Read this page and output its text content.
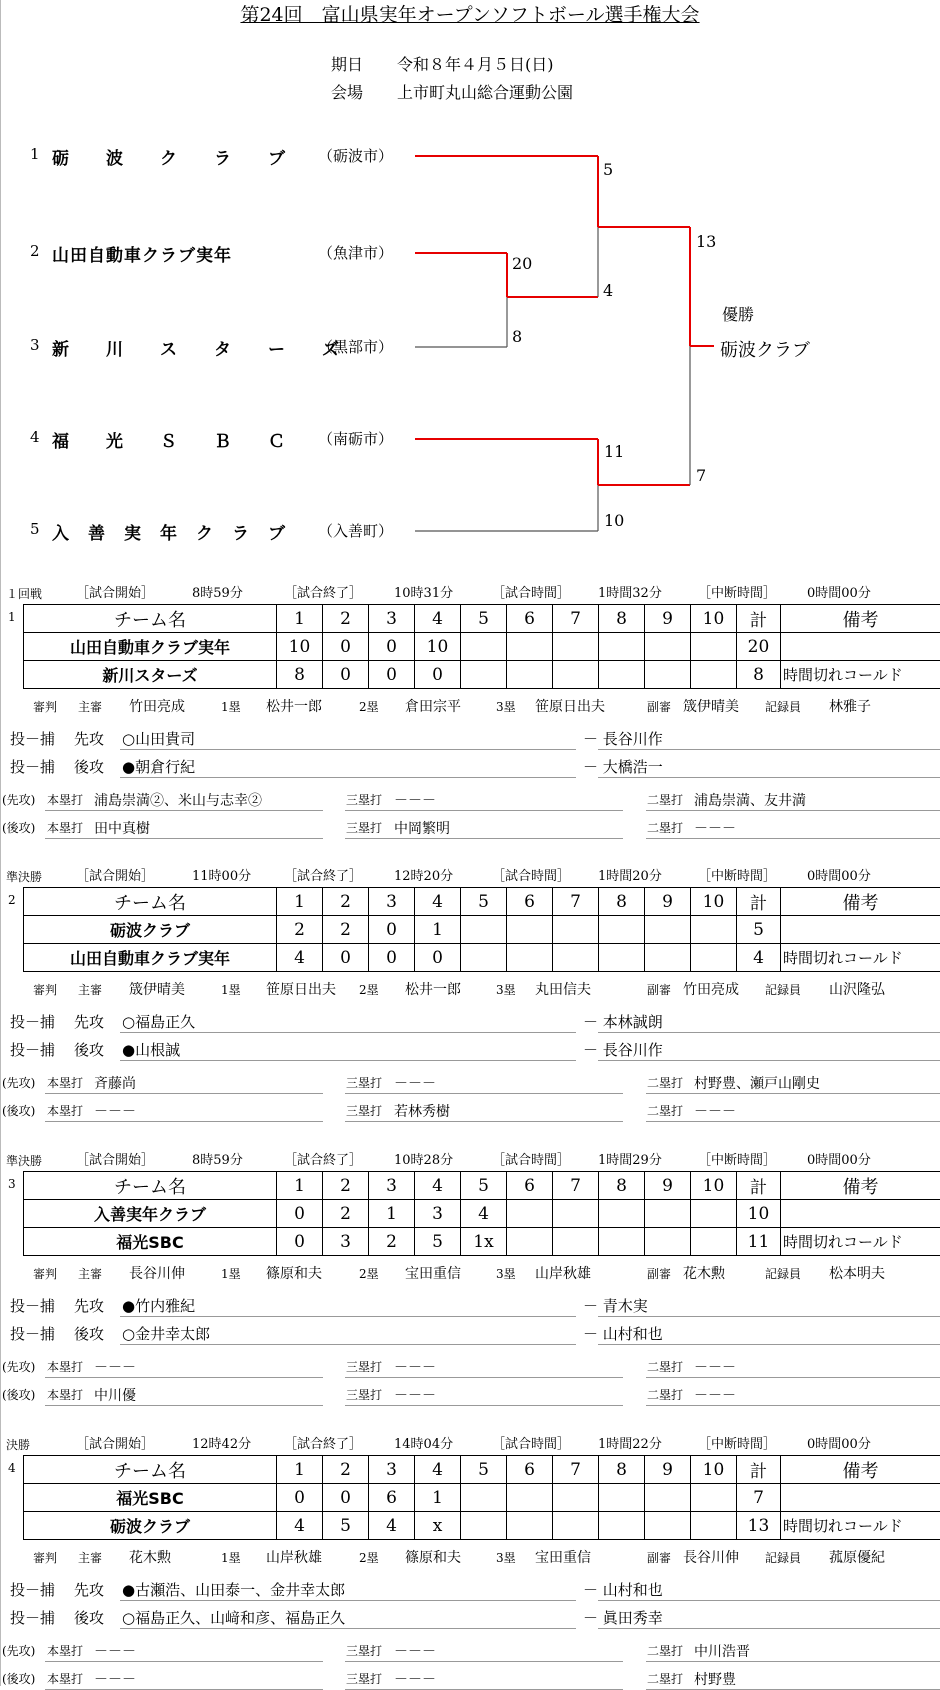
第24回　富山県実年オープンソフトボール選手権大会
期日 令和８年４月５日(日)
会場 上市町丸山総合運動公園
1 砺　　波　　ク　　ラ　　ブ （砺波市）
2 山田自動車クラブ実年	（魚津市）
3 新　　川　　ス　　タ　　ー　　ズ
（黒部市）
4 福　　光　　Ｓ　　Ｂ　　Ｃ （南砺市）
5 入　善　実　年　ク　ラ　ブ （入善町）
20
8
5
4
11
10
13
7
優勝
砺波クラブ
１回戦	［試合開始］	8時59分	［試合終了］ 10時31分	［試合時間］ 1時間32分	［中断時間］ 0時間00分
1	チーム名	1	2	3	4	5	6	7	8	9	10	計	備考
山田自動車クラブ実年	10	0	0	10							20	
新川スターズ	8	0	0	0							8	時間切れコールド
審判 主審 竹田亮成	1塁 松井一郎	2塁 倉田宗平	3塁 笹原日出夫	副審 筬伊晴美 記録員 林雅子
投－捕 先攻 ○山田貴司	－ 長谷川作
投－捕 後攻 ●朝倉行紀	－ 大橋浩一
(先攻) 本塁打 浦島崇満②、米山与志幸②	三塁打 －－－	二塁打 浦島崇満、友井満
(後攻) 本塁打 田中真樹	三塁打 中岡繁明	二塁打 －－－
準決勝	［試合開始］	11時00分	［試合終了］ 12時20分	［試合時間］ 1時間20分	［中断時間］ 0時間00分
2	チーム名	1	2	3	4	5	6	7	8	9	10	計	備考
砺波クラブ	2	2	0	1							5	
山田自動車クラブ実年	4	0	0	0							4	時間切れコールド
審判 主審 筬伊晴美	1塁 笹原日出夫 2塁 松井一郎	3塁 丸田信夫	副審 竹田亮成 記録員 山沢隆弘
投－捕 先攻 ○福島正久	－ 本林誠朗
投－捕 後攻 ●山根誠	－ 長谷川作
(先攻) 本塁打 斉藤尚	三塁打 －－－	二塁打 村野豊、瀬戸山剛史
(後攻) 本塁打 －－－	三塁打 若林秀樹	二塁打 －－－
準決勝	［試合開始］	8時59分	［試合終了］ 10時28分	［試合時間］ 1時間29分	［中断時間］ 0時間00分
3	チーム名	1	2	3	4	5	6	7	8	9	10	計	備考
入善実年クラブ	0	2	1	3	4						10	
福光SBC	0	3	2	5	1x						11	時間切れコールド
審判 主審 長谷川伸	1塁 篠原和夫	2塁 宝田重信	3塁 山岸秋雄	副審 花木勲	記録員 松本明夫
投－捕 先攻 ●竹内雅紀	－ 青木実
投－捕 後攻 ○金井幸太郎	－ 山村和也
(先攻) 本塁打 －－－	三塁打 －－－	二塁打 －－－
(後攻) 本塁打 中川優	三塁打 －－－	二塁打 －－－
決勝	［試合開始］	12時42分	［試合終了］ 14時04分	［試合時間］ 1時間22分	［中断時間］ 0時間00分
4	チーム名	1	2	3	4	5	6	7	8	9	10	計	備考
福光SBC	0	0	6	1							7	
砺波クラブ	4	5	4	x							13	時間切れコールド
審判 主審 花木勲	1塁 山岸秋雄	2塁 篠原和夫	3塁 宝田重信	副審 長谷川伸 記録員 菰原優紀
投－捕 先攻 ●古瀬浩、山田泰一、金井幸太郎	－ 山村和也
投－捕 後攻 ○福島正久、山﨑和彦、福島正久	－ 眞田秀幸
(先攻) 本塁打 －－－	三塁打 －－－	二塁打 中川浩晋
(後攻) 本塁打 －－－	三塁打 －－－	二塁打 村野豊
